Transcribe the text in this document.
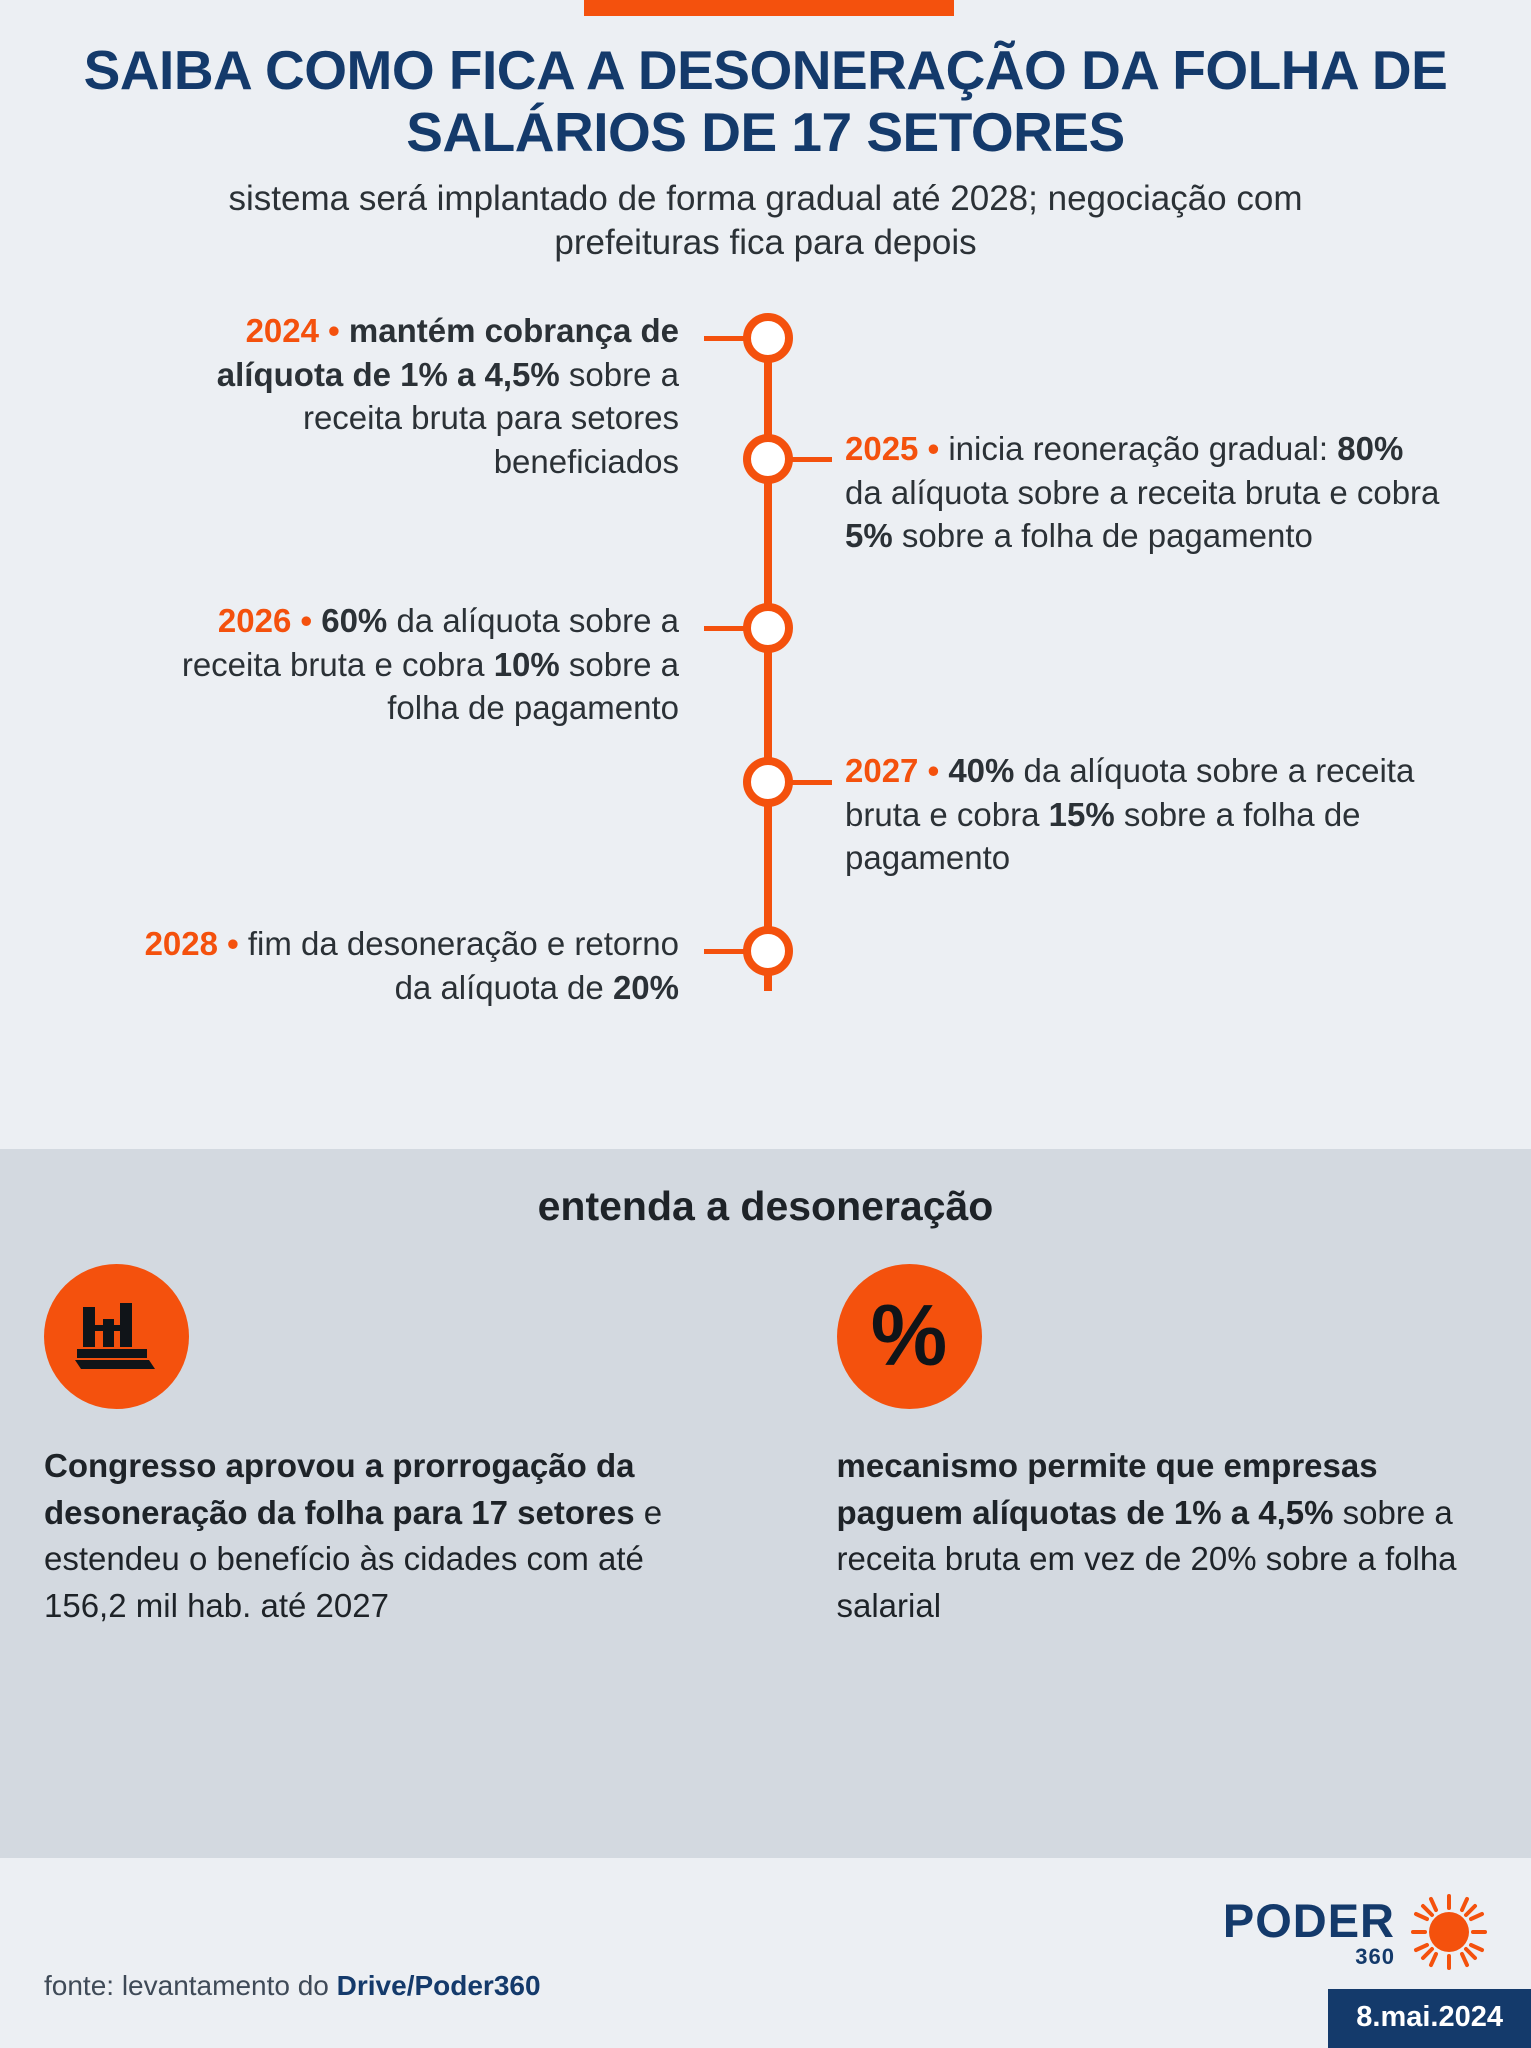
SAIBA COMO FICA A DESONERAÇÃO DA FOLHA DE SALÁRIOS DE 17 SETORES
sistema será implantado de forma gradual até 2028; negociação com prefeituras fica para depois
2024 • mantém cobrança de alíquota de 1% a 4,5% sobre a receita bruta para setores beneficiados	2025 • inicia reoneração gradual: 80% da alíquota sobre a receita bruta e cobra 5% sobre a folha de pagamento
2026 • 60% da alíquota sobre a receita bruta e cobra 10% sobre a folha de pagamento
2027 • 40% da alíquota sobre a receita bruta e cobra 15% sobre a folha de pagamento
2028 • fim da desoneração e retorno da alíquota de 20%
entenda a desoneração

Congresso aprovou a prorrogação da desoneração da folha para 17 setores e estendeu o benefício às cidades com até 156,2 mil hab. até 2027

%

mecanismo permite que empresas paguem alíquotas de 1% a 4,5% sobre a receita bruta em vez de 20% sobre a folha salarial

fonte: levantamento do Drive/Poder360
PODER
360
8.mai.2024
